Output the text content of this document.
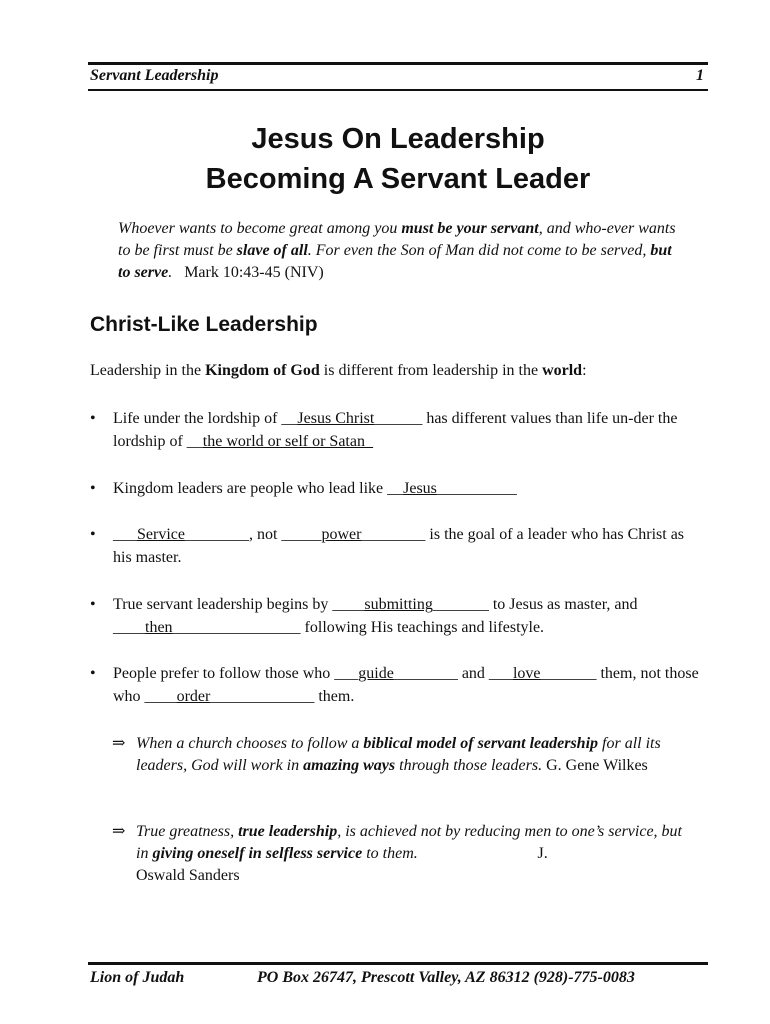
Servant Leadership	1
Jesus On Leadership
Becoming A Servant Leader
Whoever wants to become great among you must be your servant, and who-ever wants to be first must be slave of all. For even the Son of Man did not come to be served, but to serve. Mark 10:43-45 (NIV)
Christ-Like Leadership
Leadership in the Kingdom of God is different from leadership in the world:
•	Life under the lordship of __Jesus Christ______ has different values than life un-der the lordship of __the world or self or Satan_
•	Kingdom leaders are people who lead like __Jesus__________
•	___Service________, not _____power________ is the goal of a leader who has Christ as his master.
•	True servant leadership begins by ____submitting_______ to Jesus as master, and ____then________________ following His teachings and lifestyle.
•	People prefer to follow those who ___guide________ and ___love_______ them, not those who ____order_____________ them.
⇒ When a church chooses to follow a biblical model of servant leadership for all its leaders, God will work in amazing ways through those leaders. G. Gene Wilkes
⇒ True greatness, true leadership, is achieved not by reducing men to one’s service, but in giving oneself in selfless service to them.	J.
Oswald Sanders
Lion of Judah	PO Box 26747, Prescott Valley, AZ 86312 (928)-775-0083
